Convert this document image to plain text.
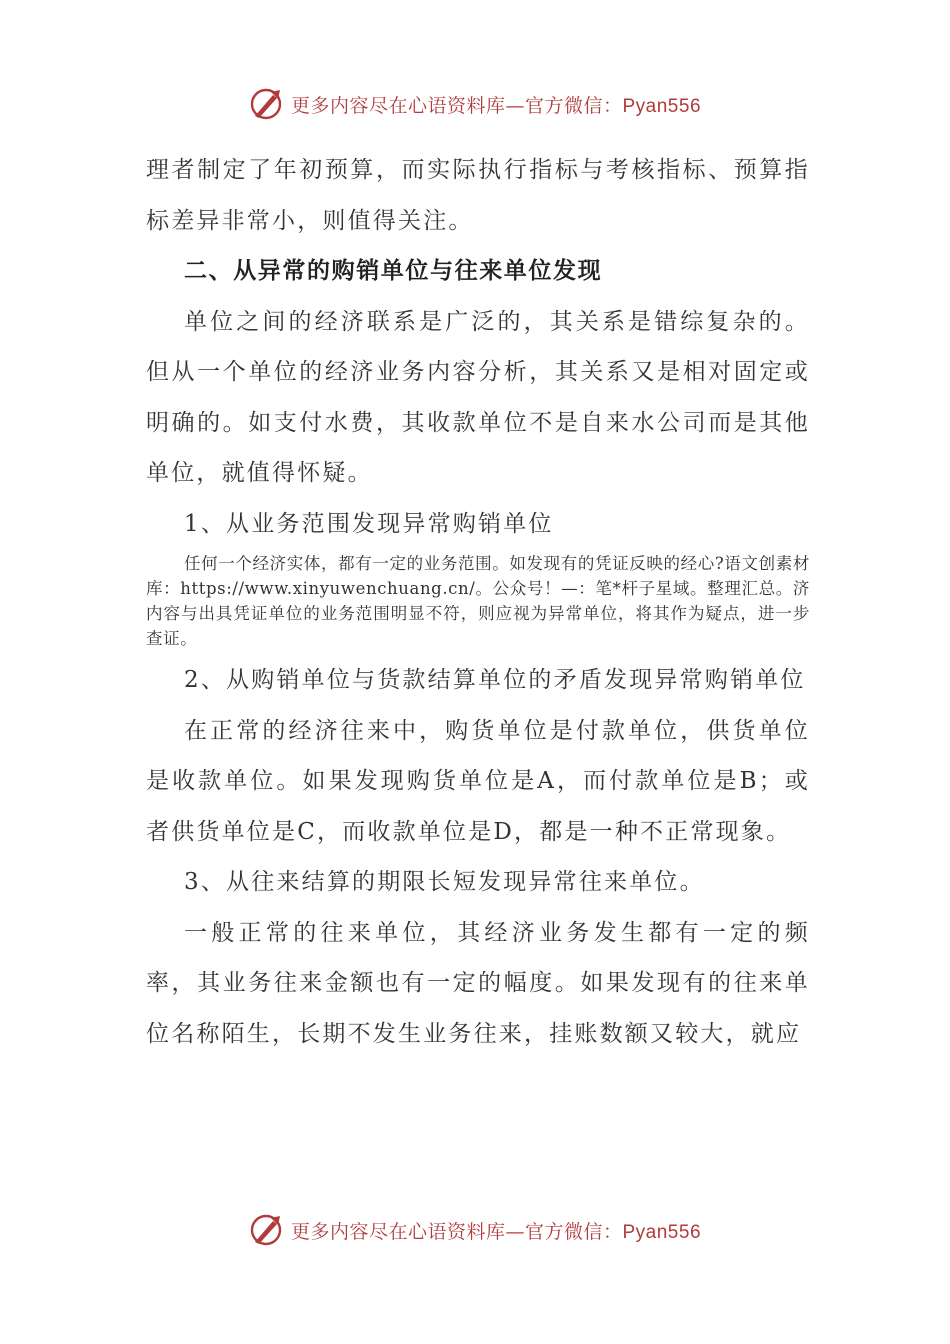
更多内容尽在心语资料库—官方微信：Pyan556

理者制定了年初预算，而实际执行指标与考核指标、预算指标差异非常小，则值得关注。

二、从异常的购销单位与往来单位发现

单位之间的经济联系是广泛的，其关系是错综复杂的。但从一个单位的经济业务内容分析，其关系又是相对固定或明确的。如支付水费，其收款单位不是自来水公司而是其他单位，就值得怀疑。

1、从业务范围发现异常购销单位

任何一个经济实体，都有一定的业务范围。如发现有的凭证反映的经心?语文创素材库：https://www.xinyuwenchuang.cn/。公众号！—：笔*杆子星域。整理汇总。济内容与出具凭证单位的业务范围明显不符，则应视为异常单位，将其作为疑点，进一步查证。

2、从购销单位与货款结算单位的矛盾发现异常购销单位

在正常的经济往来中，购货单位是付款单位，供货单位是收款单位。如果发现购货单位是A，而付款单位是B；或者供货单位是C，而收款单位是D，都是一种不正常现象。

3、从往来结算的期限长短发现异常往来单位。

一般正常的往来单位，其经济业务发生都有一定的频率，其业务往来金额也有一定的幅度。如果发现有的往来单位名称陌生，长期不发生业务往来，挂账数额又较大，就应

更多内容尽在心语资料库—官方微信：Pyan556
